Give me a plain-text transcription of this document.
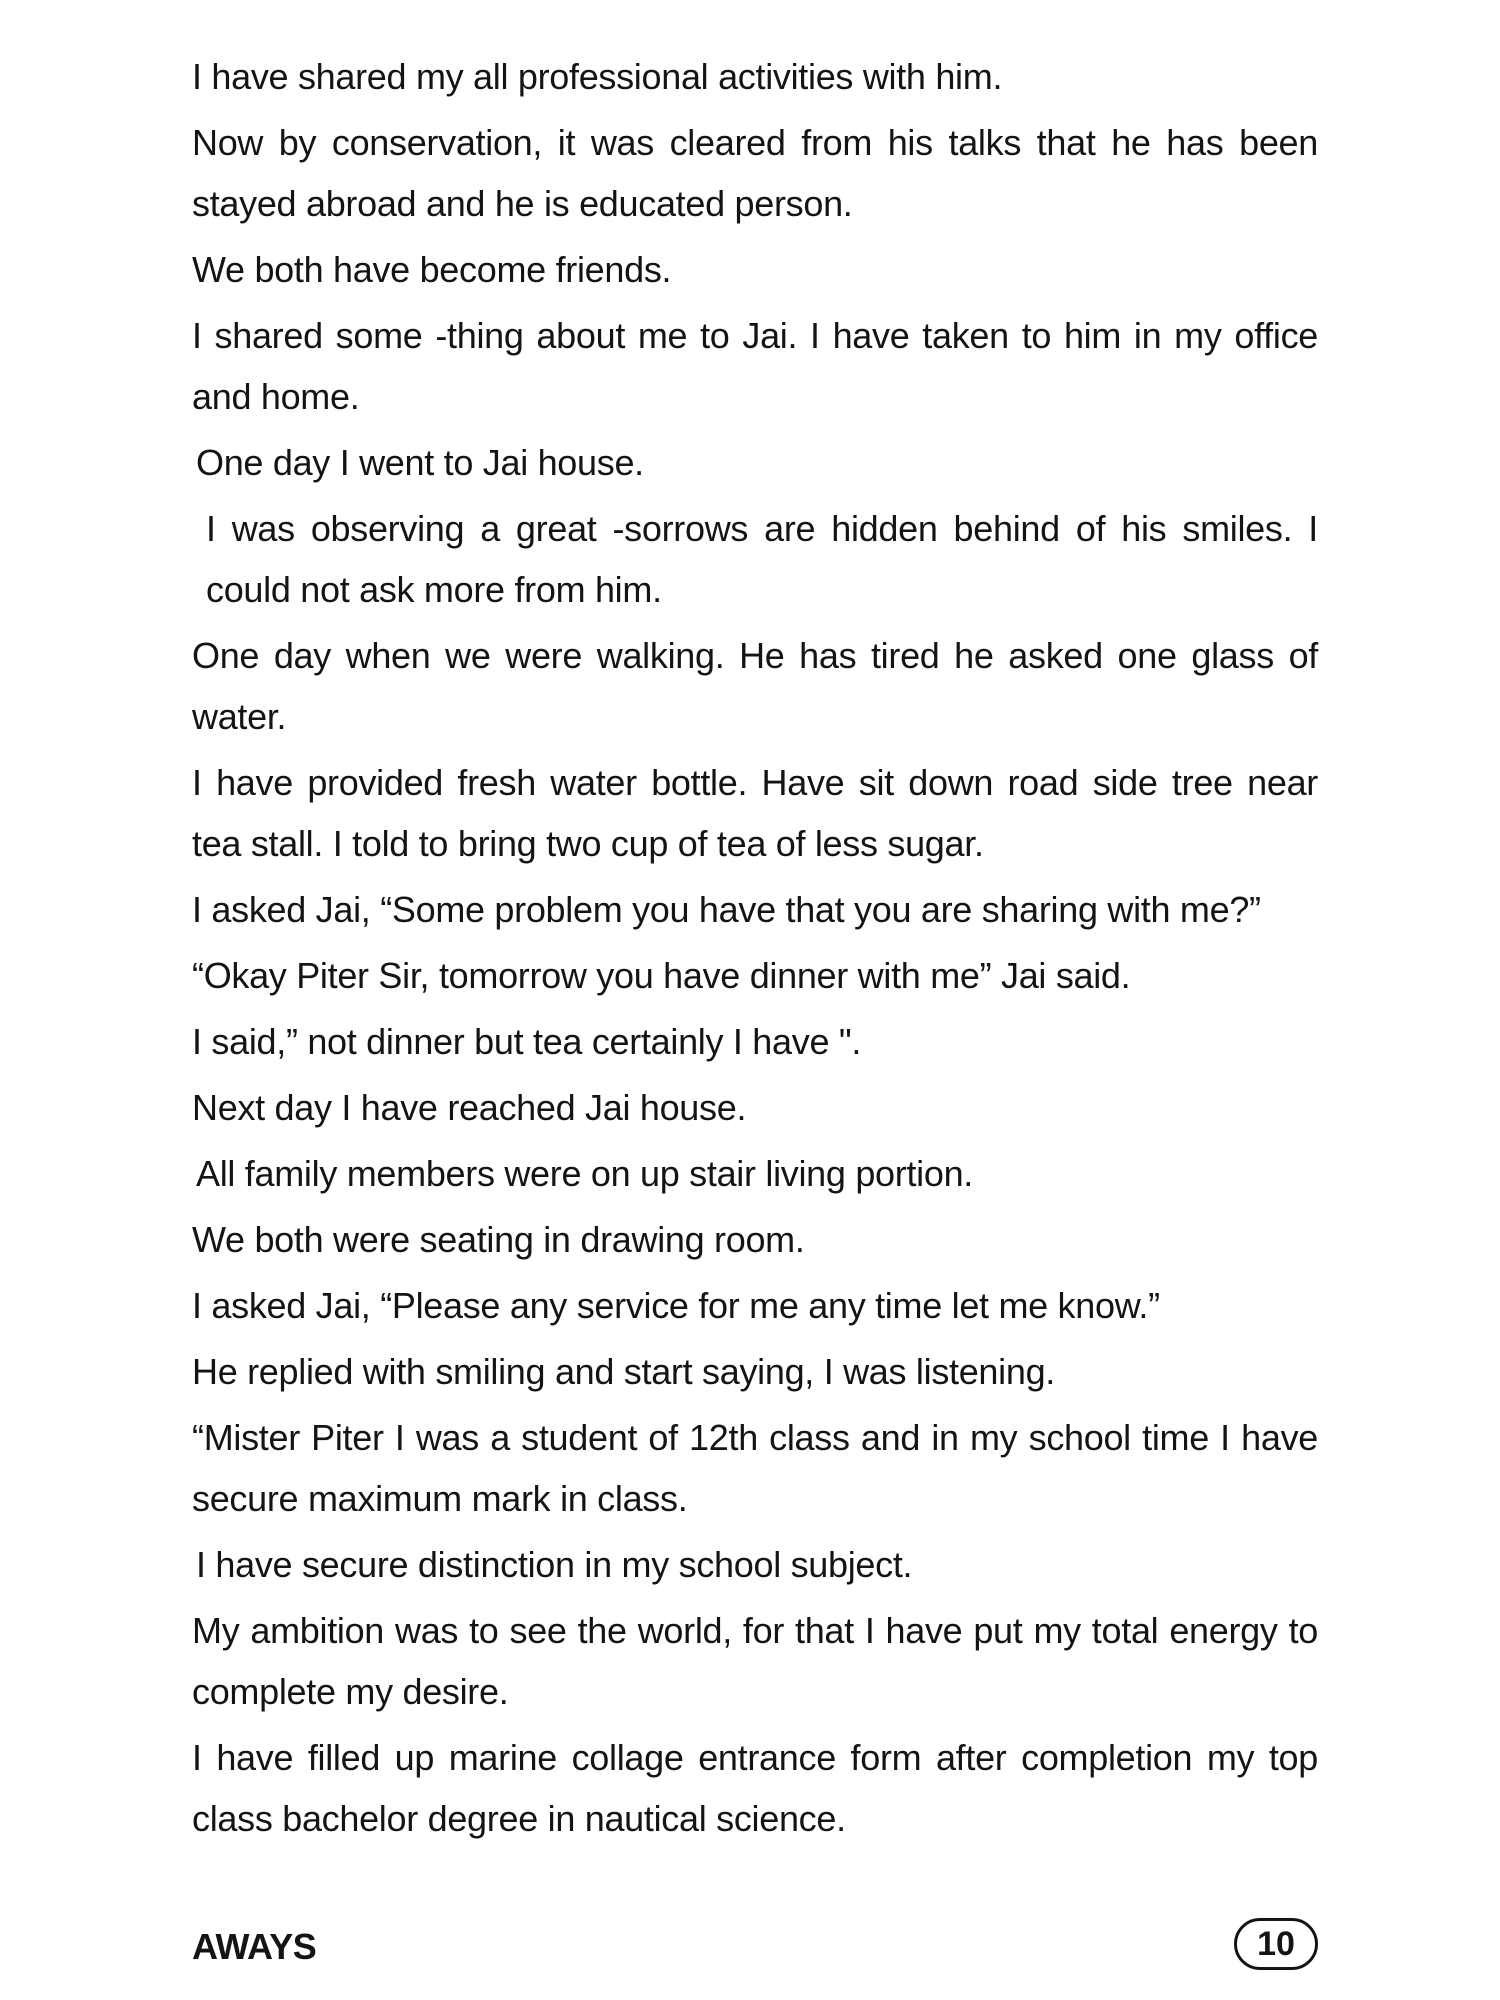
I have shared my all professional activities with him.

Now by conservation, it was cleared from his talks that he has been stayed abroad and he is educated person.

We both have become friends.

I shared some -thing about me to Jai. I have taken to him in my office and home.

One day I went to Jai house.

I was observing a great -sorrows are hidden behind of his smiles. I could not ask more from him.

One day when we were walking. He has tired he asked one glass of water.

I have provided fresh water bottle. Have sit down road side tree near tea stall. I told to bring two cup of tea of less sugar.

I asked Jai, “Some problem you have that you are sharing with me?”

“Okay Piter Sir, tomorrow you have dinner with me” Jai said.

I said,” not dinner but tea certainly I have ".

Next day I have reached Jai house.

All family members were on up stair living portion.

We both were seating in drawing room.

I asked Jai, “Please any service for me any time let me know.”

He replied with smiling and start saying, I was listening.

“Mister Piter I was a student of 12th class and in my school time I have secure maximum mark in class.

I have secure distinction in my school subject.

My ambition was to see the world, for that I have put my total energy to complete my desire.

I have filled up marine collage entrance form after completion my top class bachelor degree in nautical science.

AWAYS	10
